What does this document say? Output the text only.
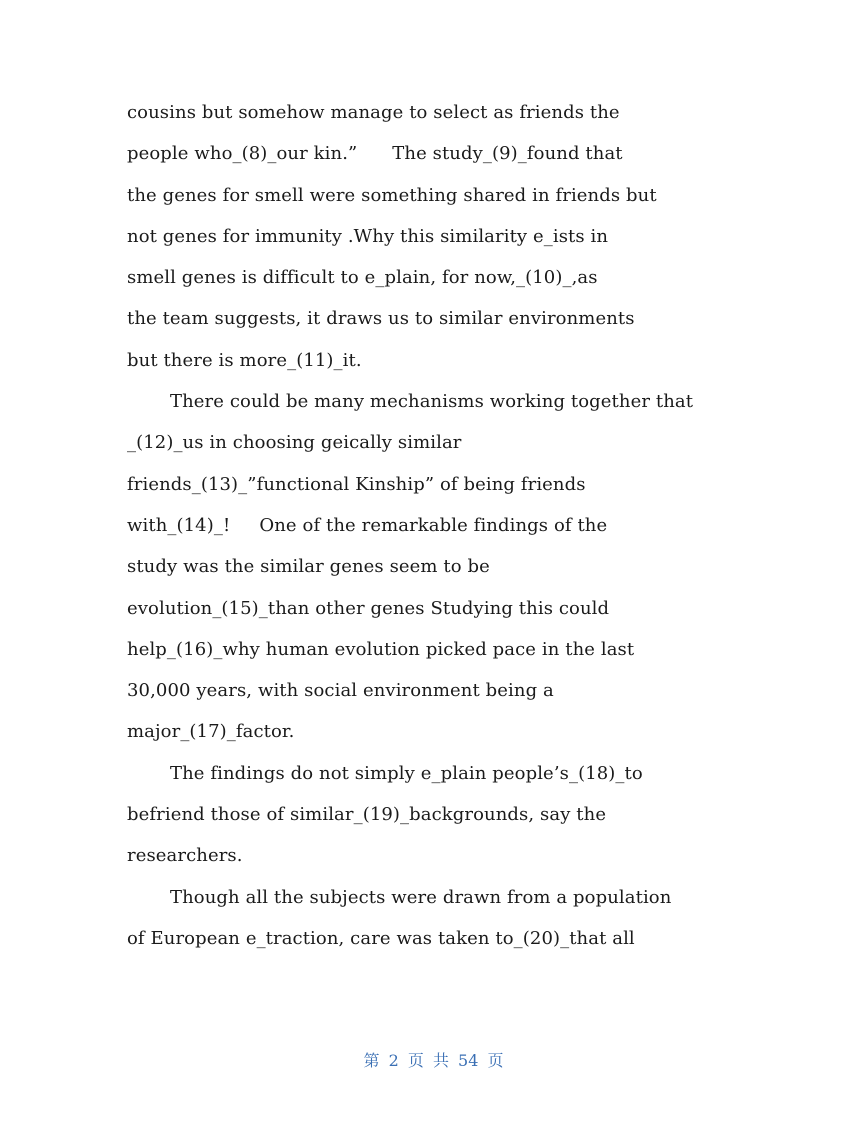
cousins but somehow manage to select as friends the
people who_(8)_our kin.”      The study_(9)_found that
the genes for smell were something shared in friends but
not genes for immunity .Why this similarity e_ists in
smell genes is difficult to e_plain, for now,_(10)_,as
the team suggests, it draws us to similar environments
but there is more_(11)_it.
There could be many mechanisms working together that
_(12)_us in choosing geically similar
friends_(13)_”functional Kinship” of being friends
with_(14)_!     One of the remarkable findings of the
study was the similar genes seem to be
evolution_(15)_than other genes Studying this could
help_(16)_why human evolution picked pace in the last
30,000 years, with social environment being a
major_(17)_factor.
The findings do not simply e_plain people’s_(18)_to
befriend those of similar_(19)_backgrounds, say the
researchers.
Though all the subjects were drawn from a population
of European e_traction, care was taken to_(20)_that all
第 2 页 共 54 页
